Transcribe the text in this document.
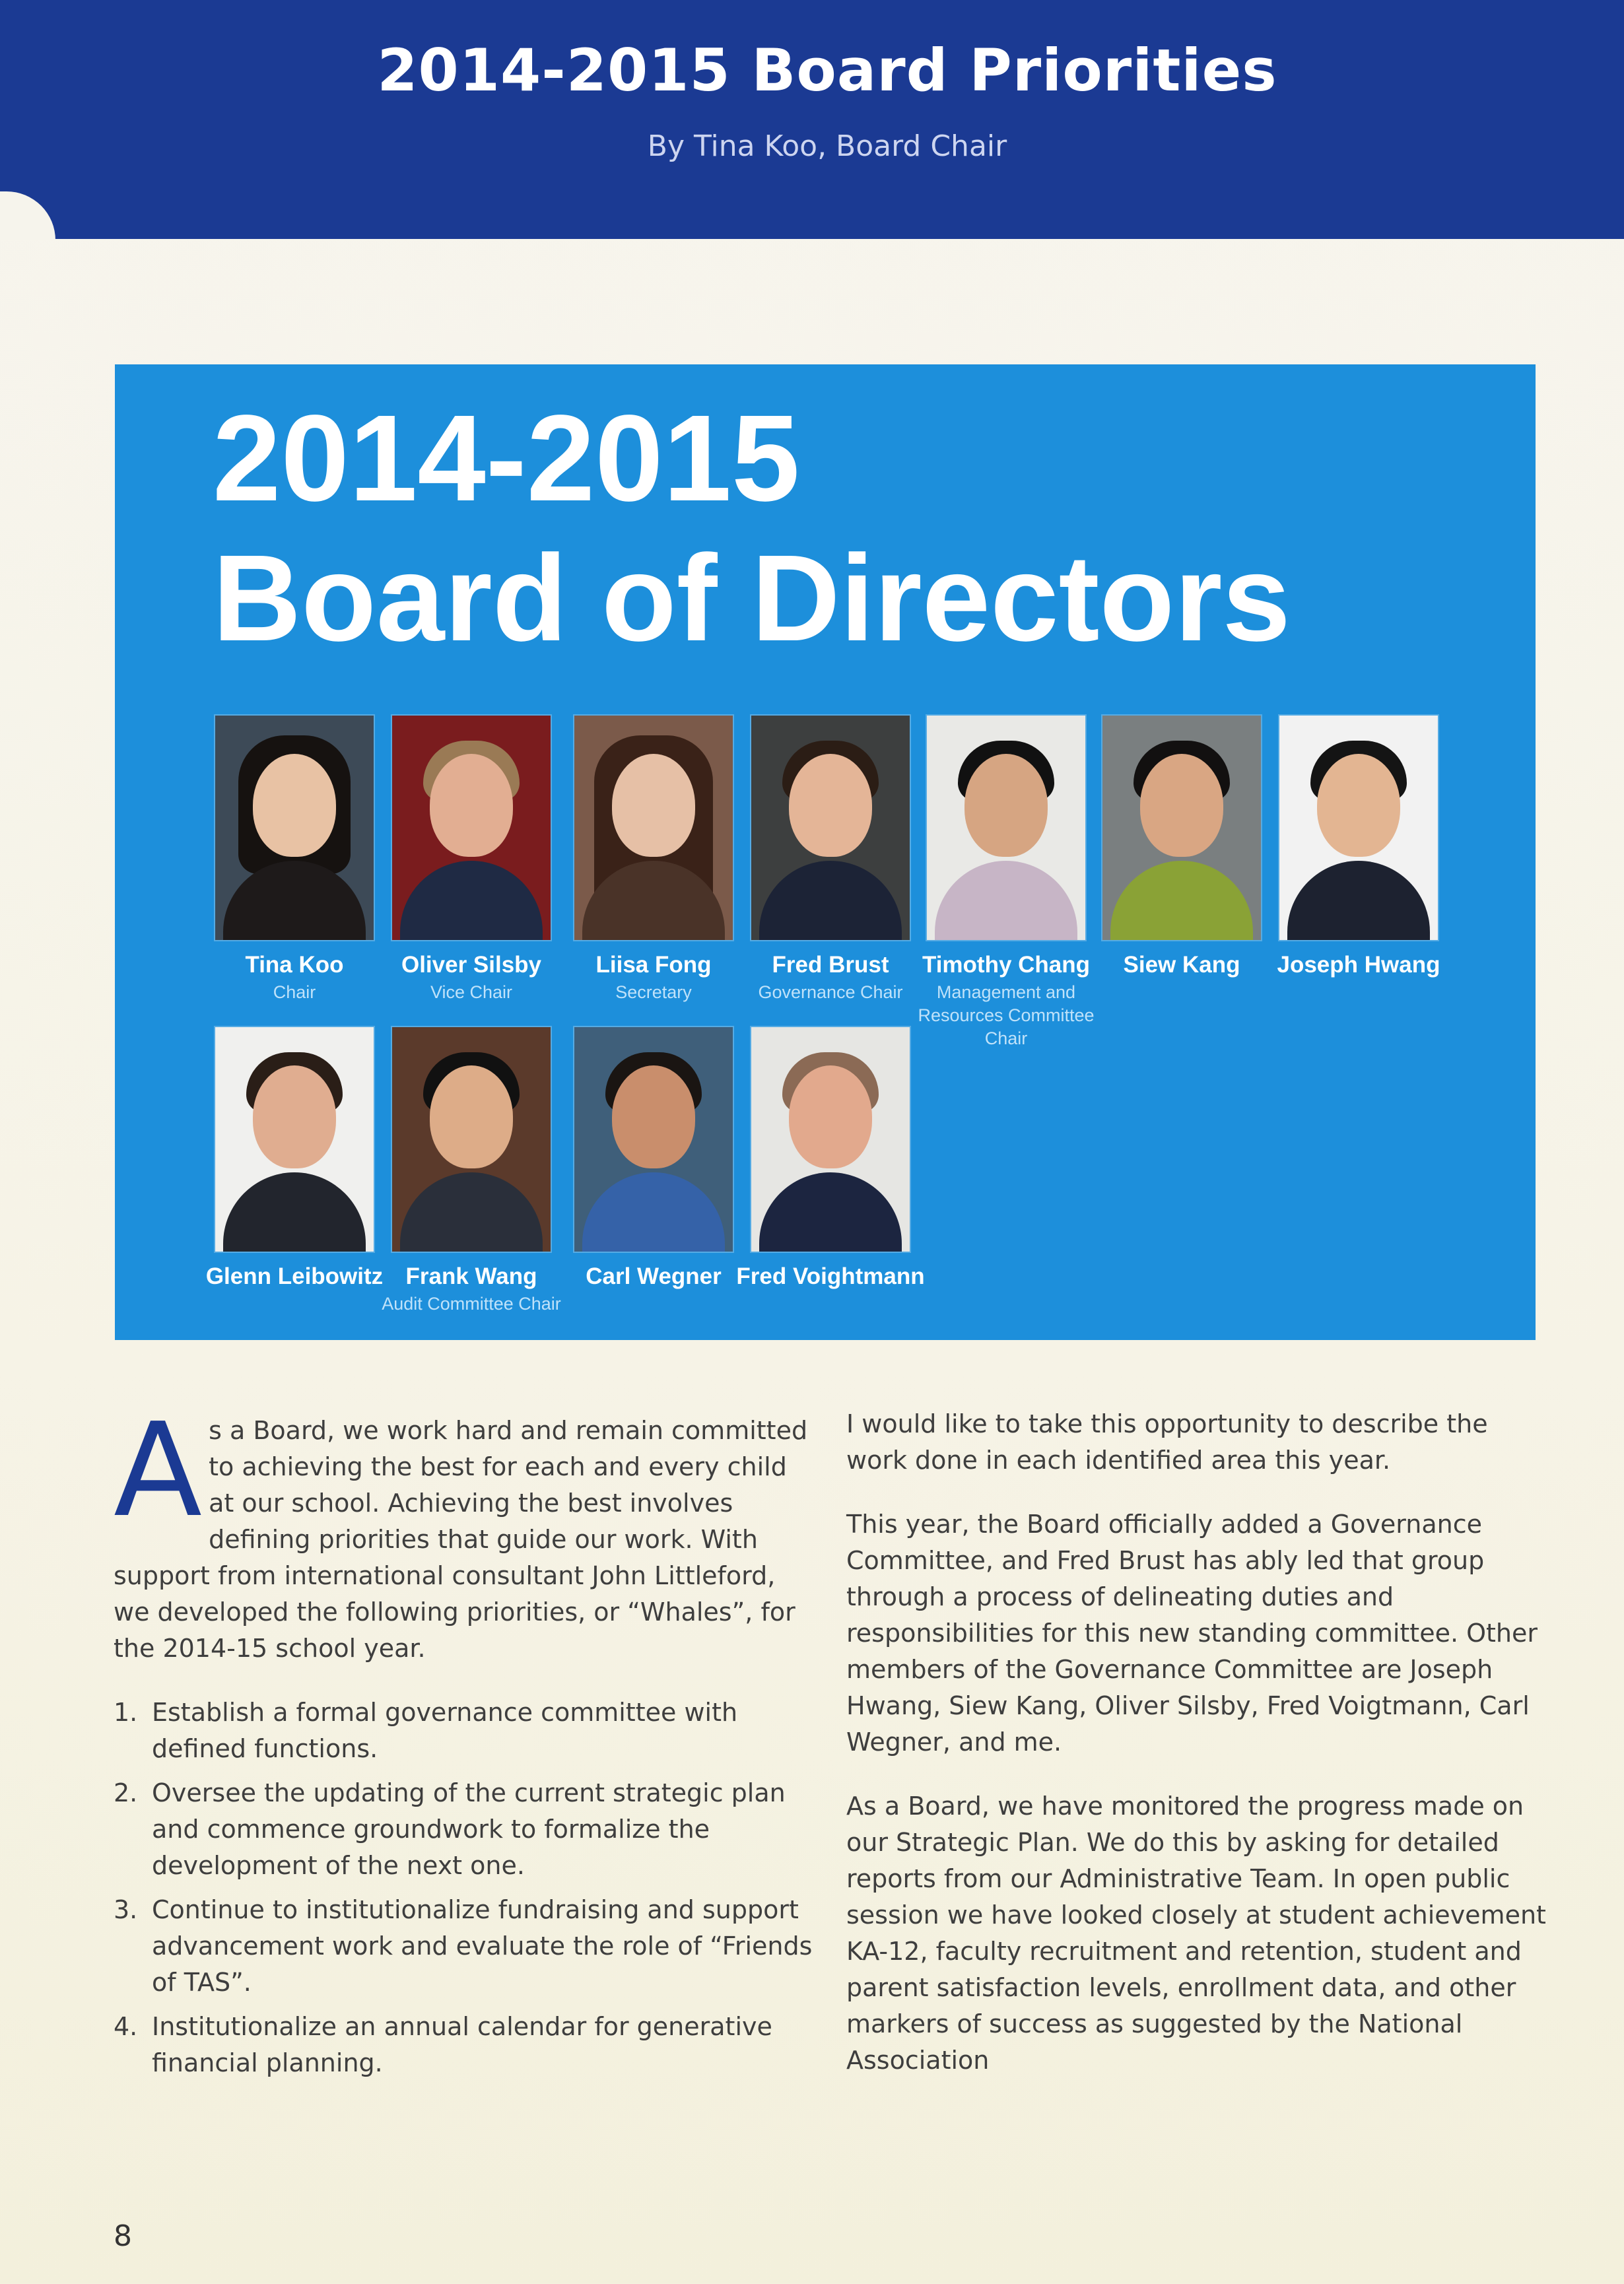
2014-2015 Board Priorities
By Tina Koo, Board Chair
2014-2015
Board of Directors
Tina Koo
Chair
Oliver Silsby
Vice Chair
Liisa Fong
Secretary
Fred Brust
Governance Chair
Timothy Chang
Management and Resources Committee Chair
Siew Kang	Joseph Hwang
Glenn Leibowitz Frank Wang
Audit Committee Chair
Carl Wegner Fred Voightmann

As a Board, we work hard and remain committed to achieving the best for each and every child at our school. Achieving the best involves defining priorities that guide our work. With support from international consultant John Littleford, we developed the following priorities, or “Whales”, for the 2014-15 school year.

1. Establish a formal governance committee with defined functions.
2. Oversee the updating of the current strategic plan and commence groundwork to formalize the development of the next one.
3. Continue to institutionalize fundraising and support advancement work and evaluate the role of “Friends of TAS”.
4. Institutionalize an annual calendar for generative financial planning.

I would like to take this opportunity to describe the work done in each identified area this year.

This year, the Board officially added a Governance Committee, and Fred Brust has ably led that group through a process of delineating duties and responsibilities for this new standing committee. Other members of the Governance Committee are Joseph Hwang, Siew Kang, Oliver Silsby, Fred Voigtmann, Carl Wegner, and me.

As a Board, we have monitored the progress made on our Strategic Plan. We do this by asking for detailed reports from our Administrative Team. In open public session we have looked closely at student achievement KA-12, faculty recruitment and retention, student and parent satisfaction levels, enrollment data, and other markers of success as suggested by the National Association

8
